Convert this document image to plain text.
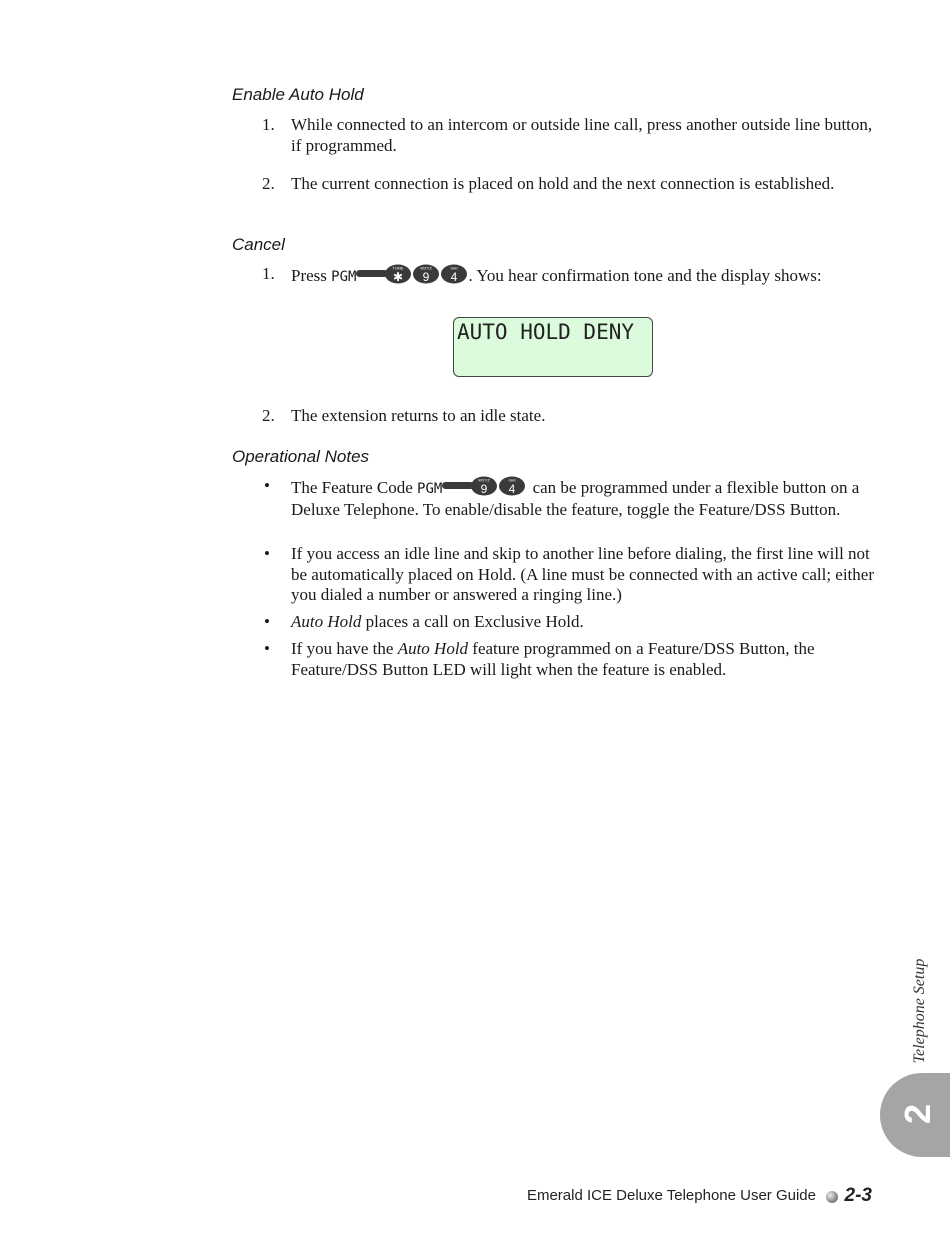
Enable Auto Hold
1. While connected to an intercom or outside line call, press another outside line button, if programmed.
2. The current connection is placed on hold and the next connection is established.
Cancel
1. Press PGM
TONE
✱
WXYZ
9
GHI
4 . You hear confirmation tone and the display shows:
AUTO HOLD DENY
2. The extension returns to an idle state.
Operational Notes
• The Feature Code PGM
WXYZ
9
GHI
4 can be programmed under a flexible button on a Deluxe Telephone. To enable/disable the feature, toggle the Feature/DSS Button.
• If you access an idle line and skip to another line before dialing, the first line will not be automatically placed on Hold. (A line must be connected with an active call; either you dialed a number or answered a ringing line.)
• Auto Hold places a call on Exclusive Hold.
• If you have the Auto Hold feature programmed on a Feature/DSS Button, the Feature/DSS Button LED will light when the feature is enabled.
Telephone Setup
2
Emerald ICE Deluxe Telephone User Guide 2-3
